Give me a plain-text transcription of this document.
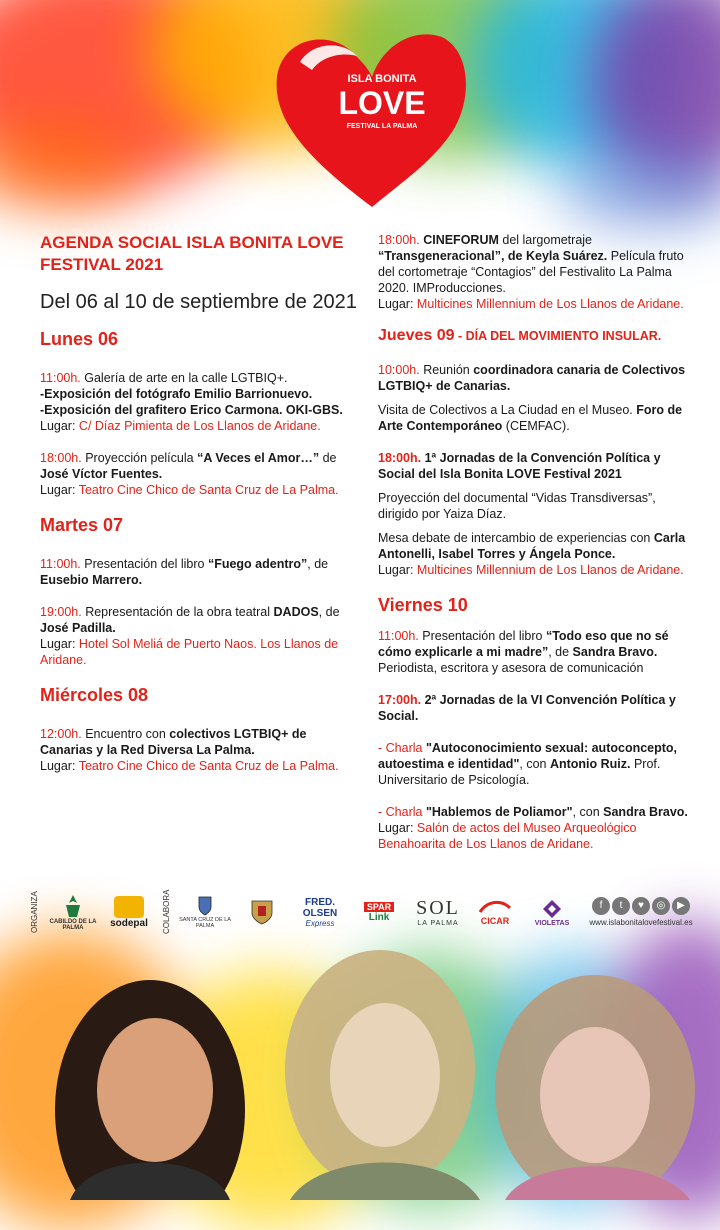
ISLA BONITA
LOVE
FESTIVAL LA PALMA
AGENDA SOCIAL ISLA BONITA LOVE FESTIVAL 2021
Del 06 al 10 de septiembre de 2021
Lunes 06

11:00h. Galería de arte en la calle LGTBIQ+.

-Exposición del fotógrafo Emilio Barrionuevo.

-Exposición del grafitero Erico Carmona. OKI-GBS.

Lugar: C/ Díaz Pimienta de Los Llanos de Aridane.

18:00h. Proyección película “A Veces el Amor…” de José Víctor Fuentes.

Lugar: Teatro Cine Chico de Santa Cruz de La Palma.

Martes 07

11:00h. Presentación del libro “Fuego adentro”, de Eusebio Marrero.

19:00h. Representación de la obra teatral DADOS, de José Padilla.

Lugar: Hotel Sol Meliá de Puerto Naos. Los Llanos de Aridane.

Miércoles 08

12:00h. Encuentro con colectivos LGTBIQ+ de Canarias y la Red Diversa La Palma.

Lugar: Teatro Cine Chico de Santa Cruz de La Palma.

18:00h. CINEFORUM del largometraje “Transgeneracional”, de Keyla Suárez. Película fruto del cortometraje “Contagios” del Festivalito La Palma 2020. IMProducciones.

Lugar: Multicines Millennium de Los Llanos de Aridane.

Jueves 09 - DÍA DEL MOVIMIENTO INSULAR.

10:00h. Reunión coordinadora canaria de Colectivos LGTBIQ+ de Canarias.

Visita de Colectivos a La Ciudad en el Museo. Foro de Arte Contemporáneo (CEMFAC).

18:00h. 1ª Jornadas de la Convención Política y Social del Isla Bonita LOVE Festival 2021

Proyección del documental “Vidas Transdiversas”, dirigido por Yaiza Díaz.

Mesa debate de intercambio de experiencias con Carla Antonelli, Isabel Torres y Ángela Ponce.

Lugar: Multicines Millennium de Los Llanos de Aridane.

Viernes 10

11:00h. Presentación del libro “Todo eso que no sé cómo explicarle a mi madre”, de Sandra Bravo. Periodista, escritora y asesora de comunicación

17:00h. 2ª Jornadas de la VI Convención Política y Social.

- Charla "Autoconocimiento sexual: autoconcepto, autoestima e identidad", con Antonio Ruiz. Prof. Universitario de Psicología.

- Charla "Hablemos de Poliamor", con Sandra Bravo.

Lugar: Salón de actos del Museo Arqueológico Benahoarita de Los Llanos de Aridane.

ORGANIZA	CABILDO DE LA PALMA	sodepal COLABORA	SANTA CRUZ DE LA PALMA
FRED. OLSEN
Express
SPAR
Link SOL
LA PALMA CICAR	VIOLETAS
f t ♥ ◎ ▶
www.islabonitalovefestival.es
